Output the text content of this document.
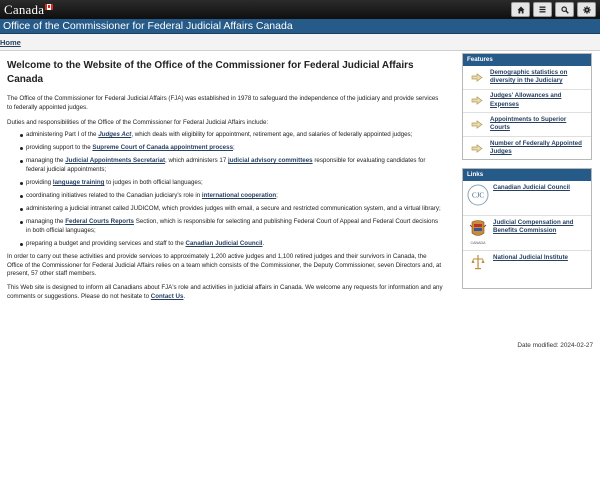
Canada
Office of the Commissioner for Federal Judicial Affairs Canada
Home
Welcome to the Website of the Office of the Commissioner for Federal Judicial Affairs Canada

The Office of the Commissioner for Federal Judicial Affairs (FJA) was established in 1978 to safeguard the independence of the judiciary and provide services to federally appointed judges.

Duties and responsibilities of the Office of the Commissioner for Federal Judicial Affairs include:

administering Part I of the Judges Act, which deals with eligibility for appointment, retirement age, and salaries of federally appointed judges;
providing support to the Supreme Court of Canada appointment process;
managing the Judicial Appointments Secretariat, which administers 17 judicial advisory committees responsible for evaluating candidates for federal judicial appointments;
providing language training to judges in both official languages;
coordinating initiatives related to the Canadian judiciary's role in international cooperation;
administering a judicial intranet called JUDICOM, which provides judges with email, a secure and restricted communication system, and a virtual library;
managing the Federal Courts Reports Section, which is responsible for selecting and publishing Federal Court of Appeal and Federal Court decisions in both official languages;
preparing a budget and providing services and staff to the Canadian Judicial Council.

In order to carry out these activities and provide services to approximately 1,200 active judges and 1,100 retired judges and their survivors in Canada, the Office of the Commissioner for Federal Judicial Affairs relies on a team which consists of the Commissioner, the Deputy Commissioner, seven Directors and, at present, 57 other staff members.

This Web site is designed to inform all Canadians about FJA's role and activities in judicial affairs in Canada. We welcome any requests for information and any comments or suggestions. Please do not hesitate to Contact Us.

Date modified: 2024-02-27
Features
Demographic statistics on diversity in the Judiciary
Judges' Allowances and Expenses
Appointments to Superior Courts
Number of Federally Appointed Judges
Links
CJC
Canadian Judicial Council
CANADA
Judicial Compensation and Benefits Commission
National Judicial Institute
